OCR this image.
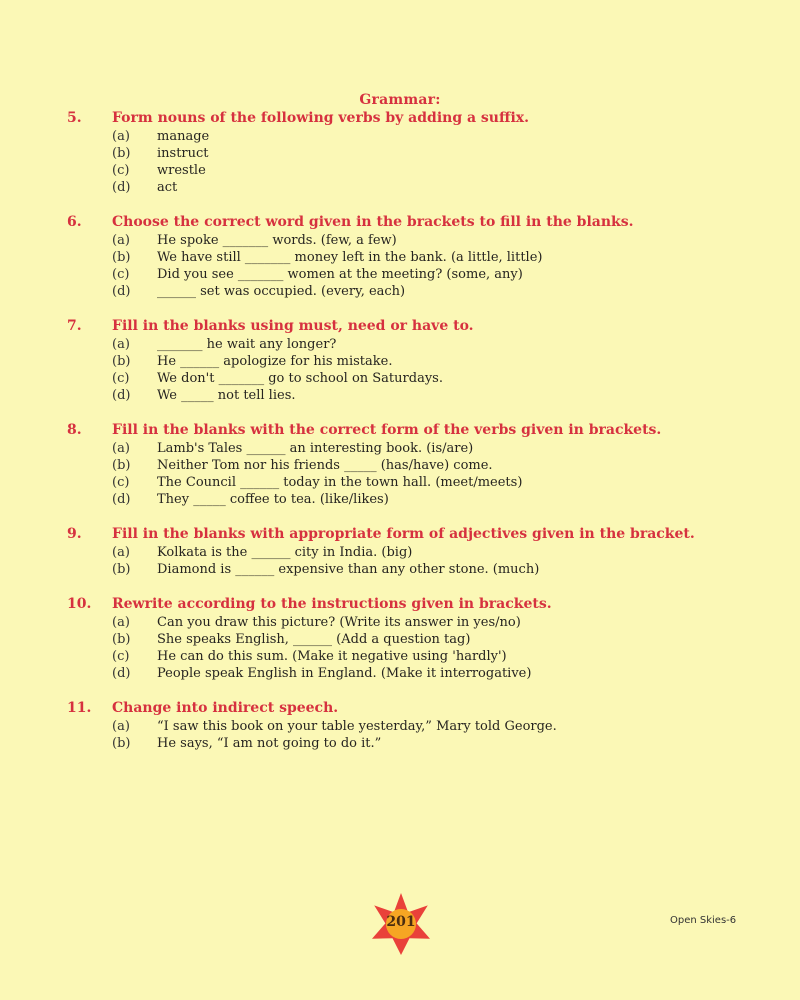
Grammar:
5. Form nouns of the following verbs by adding a suffix.
(a) manage
(b) instruct
(c) wrestle
(d) act
6. Choose the correct word given in the brackets to fill in the blanks.
(a) He spoke _______ words. (few, a few)
(b) We have still _______ money left in the bank. (a little, little)
(c) Did you see _______ women at the meeting? (some, any)
(d) ______ set was occupied. (every, each)
7. Fill in the blanks using must, need or have to.
(a) _______ he wait any longer?
(b) He ______ apologize for his mistake.
(c) We don't _______ go to school on Saturdays.
(d) We _____ not tell lies.
8. Fill in the blanks with the correct form of the verbs given in brackets.
(a) Lamb's Tales ______ an interesting book. (is/are)
(b) Neither Tom nor his friends _____ (has/have) come.
(c) The Council ______ today in the town hall. (meet/meets)
(d) They _____ coffee to tea. (like/likes)
9. Fill in the blanks with appropriate form of adjectives given in the bracket.
(a) Kolkata is the ______ city in India. (big)
(b) Diamond is ______ expensive than any other stone. (much)
10. Rewrite according to the instructions given in brackets.
(a) Can you draw this picture? (Write its answer in yes/no)
(b) She speaks English, ______ (Add a question tag)
(c) He can do this sum. (Make it negative using 'hardly')
(d) People speak English in England. (Make it interrogative)
11. Change into indirect speech.
(a) “I saw this book on your table yesterday,” Mary told George.
(b) He says, “I am not going to do it.”
201	Open Skies-6
